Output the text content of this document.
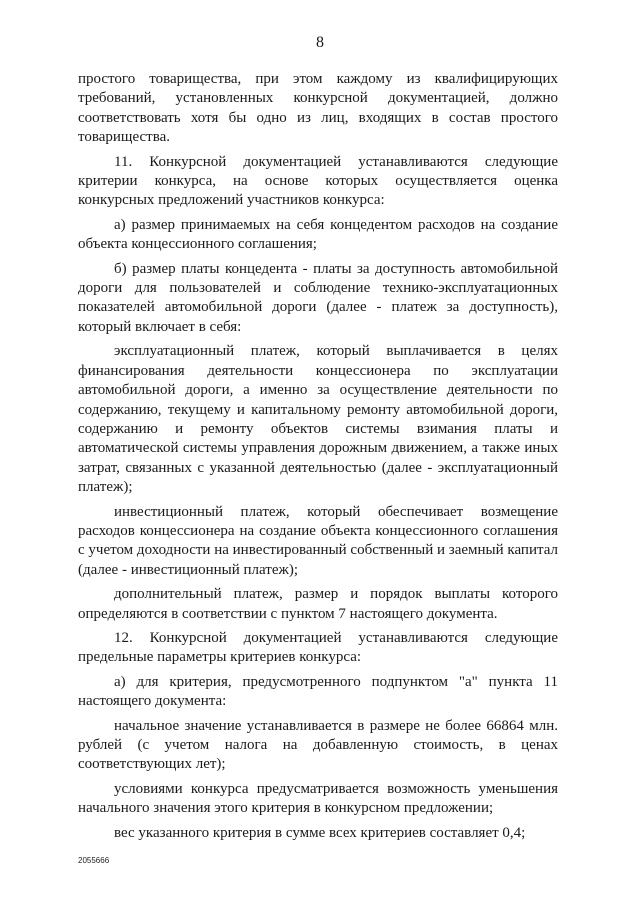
8

простого товарищества, при этом каждому из квалифицирующих требований, установленных конкурсной документацией, должно соответствовать хотя бы одно из лиц, входящих в состав простого товарищества.

11. Конкурсной документацией устанавливаются следующие критерии конкурса, на основе которых осуществляется оценка конкурсных предложений участников конкурса:

а) размер принимаемых на себя концедентом расходов на создание объекта концессионного соглашения;

б) размер платы концедента - платы за доступность автомобильной дороги для пользователей и соблюдение технико-эксплуатационных показателей автомобильной дороги (далее - платеж за доступность), который включает в себя:

эксплуатационный платеж, который выплачивается в целях финансирования деятельности концессионера по эксплуатации автомобильной дороги, а именно за осуществление деятельности по содержанию, текущему и капитальному ремонту автомобильной дороги, содержанию и ремонту объектов системы взимания платы и автоматической системы управления дорожным движением, а также иных затрат, связанных с указанной деятельностью (далее - эксплуатационный платеж);

инвестиционный платеж, который обеспечивает возмещение расходов концессионера на создание объекта концессионного соглашения с учетом доходности на инвестированный собственный и заемный капитал (далее - инвестиционный платеж);

дополнительный платеж, размер и порядок выплаты которого определяются в соответствии с пунктом 7 настоящего документа.

12. Конкурсной документацией устанавливаются следующие предельные параметры критериев конкурса:

а) для критерия, предусмотренного подпунктом "а" пункта 11 настоящего документа:

начальное значение устанавливается в размере не более 66864 млн. рублей (с учетом налога на добавленную стоимость, в ценах соответствующих лет);

условиями конкурса предусматривается возможность уменьшения начального значения этого критерия в конкурсном предложении;

вес указанного критерия в сумме всех критериев составляет 0,4;

2055666
